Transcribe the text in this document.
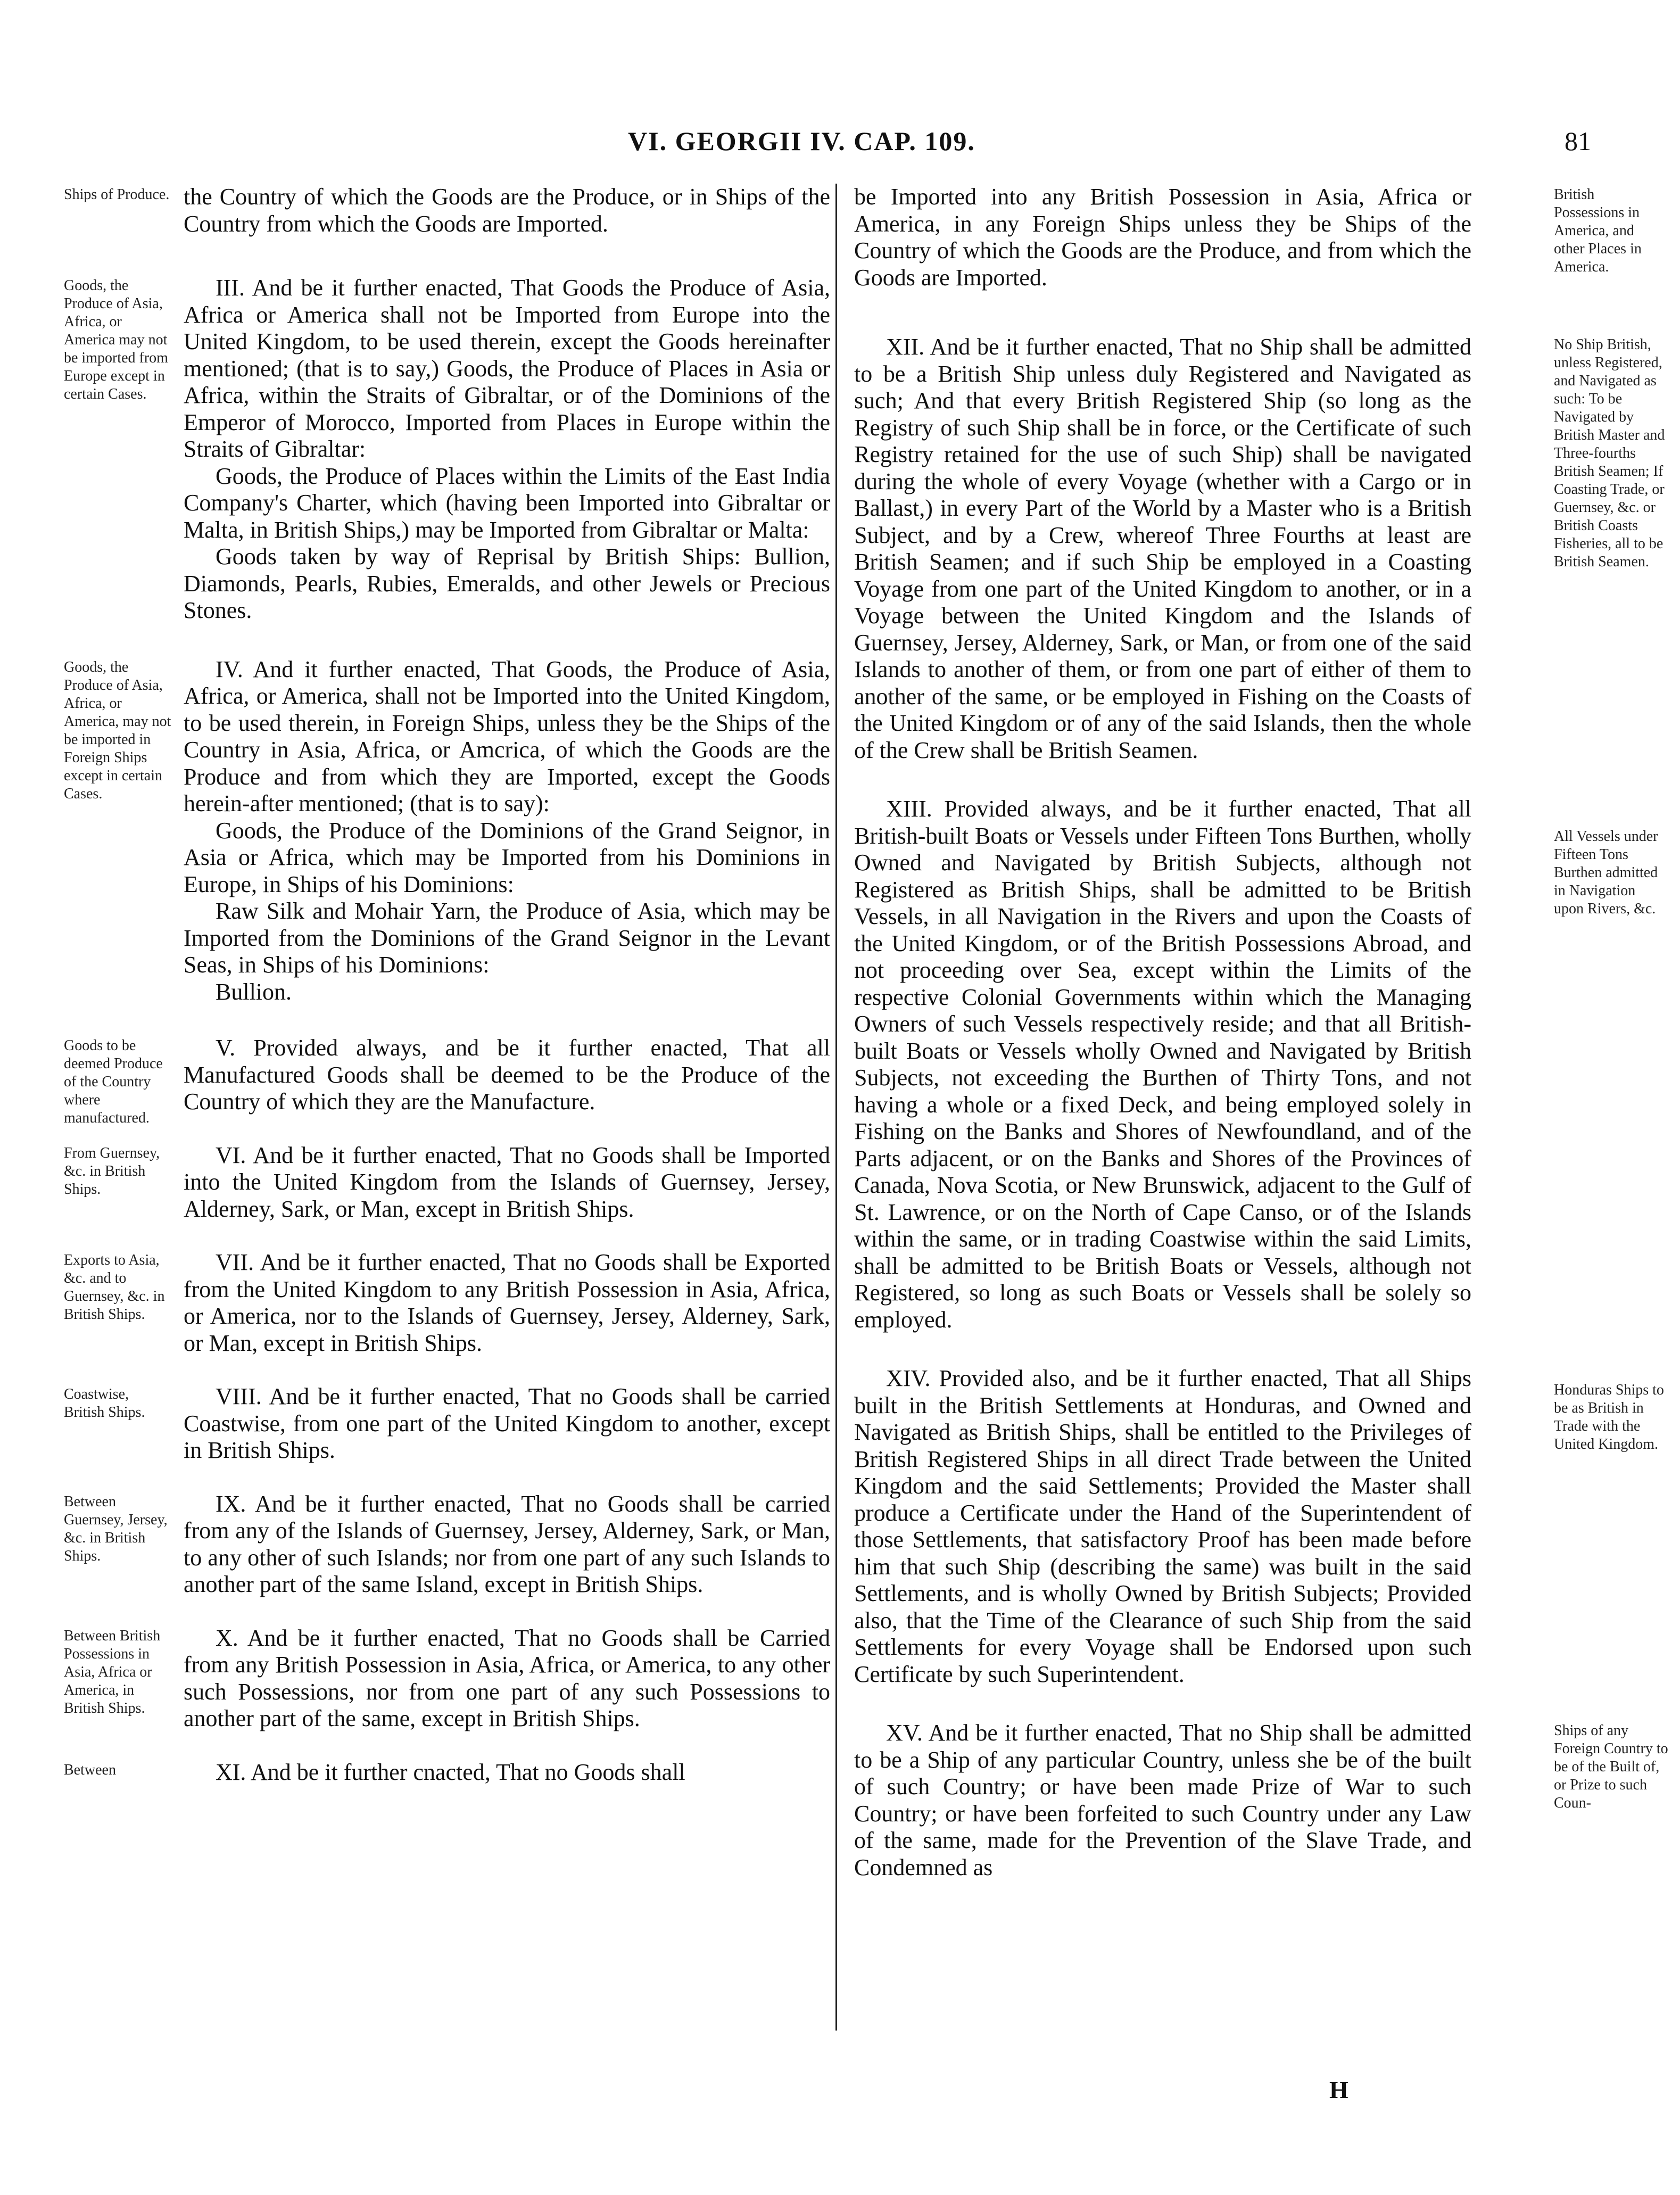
VI. GEORGII IV. CAP. 109.	81
Ships of Produce. the Country of which the Goods are the Produce, or in Ships of the Country from which the Goods are Imported.
Goods, the Produce of Asia, Africa, or America may not be imported from Europe except in certain Cases.
III. And be it further enacted, That Goods the Produce of Asia, Africa or America shall not be Imported from Europe into the United Kingdom, to be used therein, except the Goods hereinafter mentioned; (that is to say,) Goods, the Produce of Places in Asia or Africa, within the Straits of Gibraltar, or of the Dominions of the Emperor of Morocco, Imported from Places in Europe within the Straits of Gibraltar:
Goods, the Produce of Places within the Limits of the East India Company's Charter, which (having been Imported into Gibraltar or Malta, in British Ships,) may be Imported from Gibraltar or Malta:
Goods taken by way of Reprisal by British Ships: Bullion, Diamonds, Pearls, Rubies, Emeralds, and other Jewels or Precious Stones.
Goods, the Produce of Asia, Africa, or America, may not be imported in Foreign Ships except in certain Cases.
IV. And it further enacted, That Goods, the Produce of Asia, Africa, or America, shall not be Imported into the United Kingdom, to be used therein, in Foreign Ships, unless they be the Ships of the Country in Asia, Africa, or Amcrica, of which the Goods are the Produce and from which they are Imported, except the Goods herein-after mentioned; (that is to say):
Goods, the Produce of the Dominions of the Grand Seignor, in Asia or Africa, which may be Imported from his Dominions in Europe, in Ships of his Dominions:
Raw Silk and Mohair Yarn, the Produce of Asia, which may be Imported from the Dominions of the Grand Seignor in the Levant Seas, in Ships of his Dominions:
Bullion.
Goods to be deemed Produce of the Country where manufactured.
V. Provided always, and be it further enacted, That all Manufactured Goods shall be deemed to be the Produce of the Country of which they are the Manufacture.
From Guernsey, &c. in British Ships.
VI. And be it further enacted, That no Goods shall be Imported into the United Kingdom from the Islands of Guernsey, Jersey, Alderney, Sark, or Man, except in British Ships.
Exports to Asia, &c. and to Guernsey, &c. in British Ships.
VII. And be it further enacted, That no Goods shall be Exported from the United Kingdom to any British Possession in Asia, Africa, or America, nor to the Islands of Guernsey, Jersey, Alderney, Sark, or Man, except in British Ships.
Coastwise, British Ships.
VIII. And be it further enacted, That no Goods shall be carried Coastwise, from one part of the United Kingdom to another, except in British Ships.
Between Guernsey, Jersey, &c. in British Ships.
IX. And be it further enacted, That no Goods shall be carried from any of the Islands of Guernsey, Jersey, Alderney, Sark, or Man, to any other of such Islands; nor from one part of any such Islands to another part of the same Island, except in British Ships.
Between British Possessions in Asia, Africa or America, in British Ships.
X. And be it further enacted, That no Goods shall be Carried from any British Possession in Asia, Africa, or America, to any other such Possessions, nor from one part of any such Possessions to another part of the same, except in British Ships.
Between	XI. And be it further cnacted, That no Goods shall
British Possessions in America, and other Places in America.
be Imported into any British Possession in Asia, Africa or America, in any Foreign Ships unless they be Ships of the Country of which the Goods are the Produce, and from which the Goods are Imported.
No Ship British, unless Registered, and Navigated as such: To be Navigated by British Master and Three-fourths British Seamen; If Coasting Trade, or Guernsey, &c. or British Coasts Fisheries, all to be British Seamen.
XII. And be it further enacted, That no Ship shall be admitted to be a British Ship unless duly Registered and Navigated as such; And that every British Registered Ship (so long as the Registry of such Ship shall be in force, or the Certificate of such Registry retained for the use of such Ship) shall be navigated during the whole of every Voyage (whether with a Cargo or in Ballast,) in every Part of the World by a Master who is a British Subject, and by a Crew, whereof Three Fourths at least are British Seamen; and if such Ship be employed in a Coasting Voyage from one part of the United Kingdom to another, or in a Voyage between the United Kingdom and the Islands of Guernsey, Jersey, Alderney, Sark, or Man, or from one of the said Islands to another of them, or from one part of either of them to another of the same, or be employed in Fishing on the Coasts of the United Kingdom or of any of the said Islands, then the whole of the Crew shall be British Seamen.
All Vessels under Fifteen Tons Burthen admitted in Navigation upon Rivers, &c.
XIII. Provided always, and be it further enacted, That all British-built Boats or Vessels under Fifteen Tons Burthen, wholly Owned and Navigated by British Subjects, although not Registered as British Ships, shall be admitted to be British Vessels, in all Navigation in the Rivers and upon the Coasts of the United Kingdom, or of the British Possessions Abroad, and not proceeding over Sea, except within the Limits of the respective Colonial Governments within which the Managing Owners of such Vessels respectively reside; and that all British-built Boats or Vessels wholly Owned and Navigated by British Subjects, not exceeding the Burthen of Thirty Tons, and not having a whole or a fixed Deck, and being employed solely in Fishing on the Banks and Shores of Newfoundland, and of the Parts adjacent, or on the Banks and Shores of the Provinces of Canada, Nova Scotia, or New Brunswick, adjacent to the Gulf of St. Lawrence, or on the North of Cape Canso, or of the Islands within the same, or in trading Coastwise within the said Limits, shall be admitted to be British Boats or Vessels, although not Registered, so long as such Boats or Vessels shall be solely so employed.
Honduras Ships to be as British in Trade with the United Kingdom.
XIV. Provided also, and be it further enacted, That all Ships built in the British Settlements at Honduras, and Owned and Navigated as British Ships, shall be entitled to the Privileges of British Registered Ships in all direct Trade between the United Kingdom and the said Settlements; Provided the Master shall produce a Certificate under the Hand of the Superintendent of those Settlements, that satisfactory Proof has been made before him that such Ship (describing the same) was built in the said Settlements, and is wholly Owned by British Subjects; Provided also, that the Time of the Clearance of such Ship from the said Settlements for every Voyage shall be Endorsed upon such Certificate by such Superintendent.
Ships of any Foreign Country to be of the Built of, or Prize to such Coun-
XV. And be it further enacted, That no Ship shall be admitted to be a Ship of any particular Country, unless she be of the built of such Country; or have been made Prize of War to such Country; or have been forfeited to such Country under any Law of the same, made for the Prevention of the Slave Trade, and Condemned as
H
